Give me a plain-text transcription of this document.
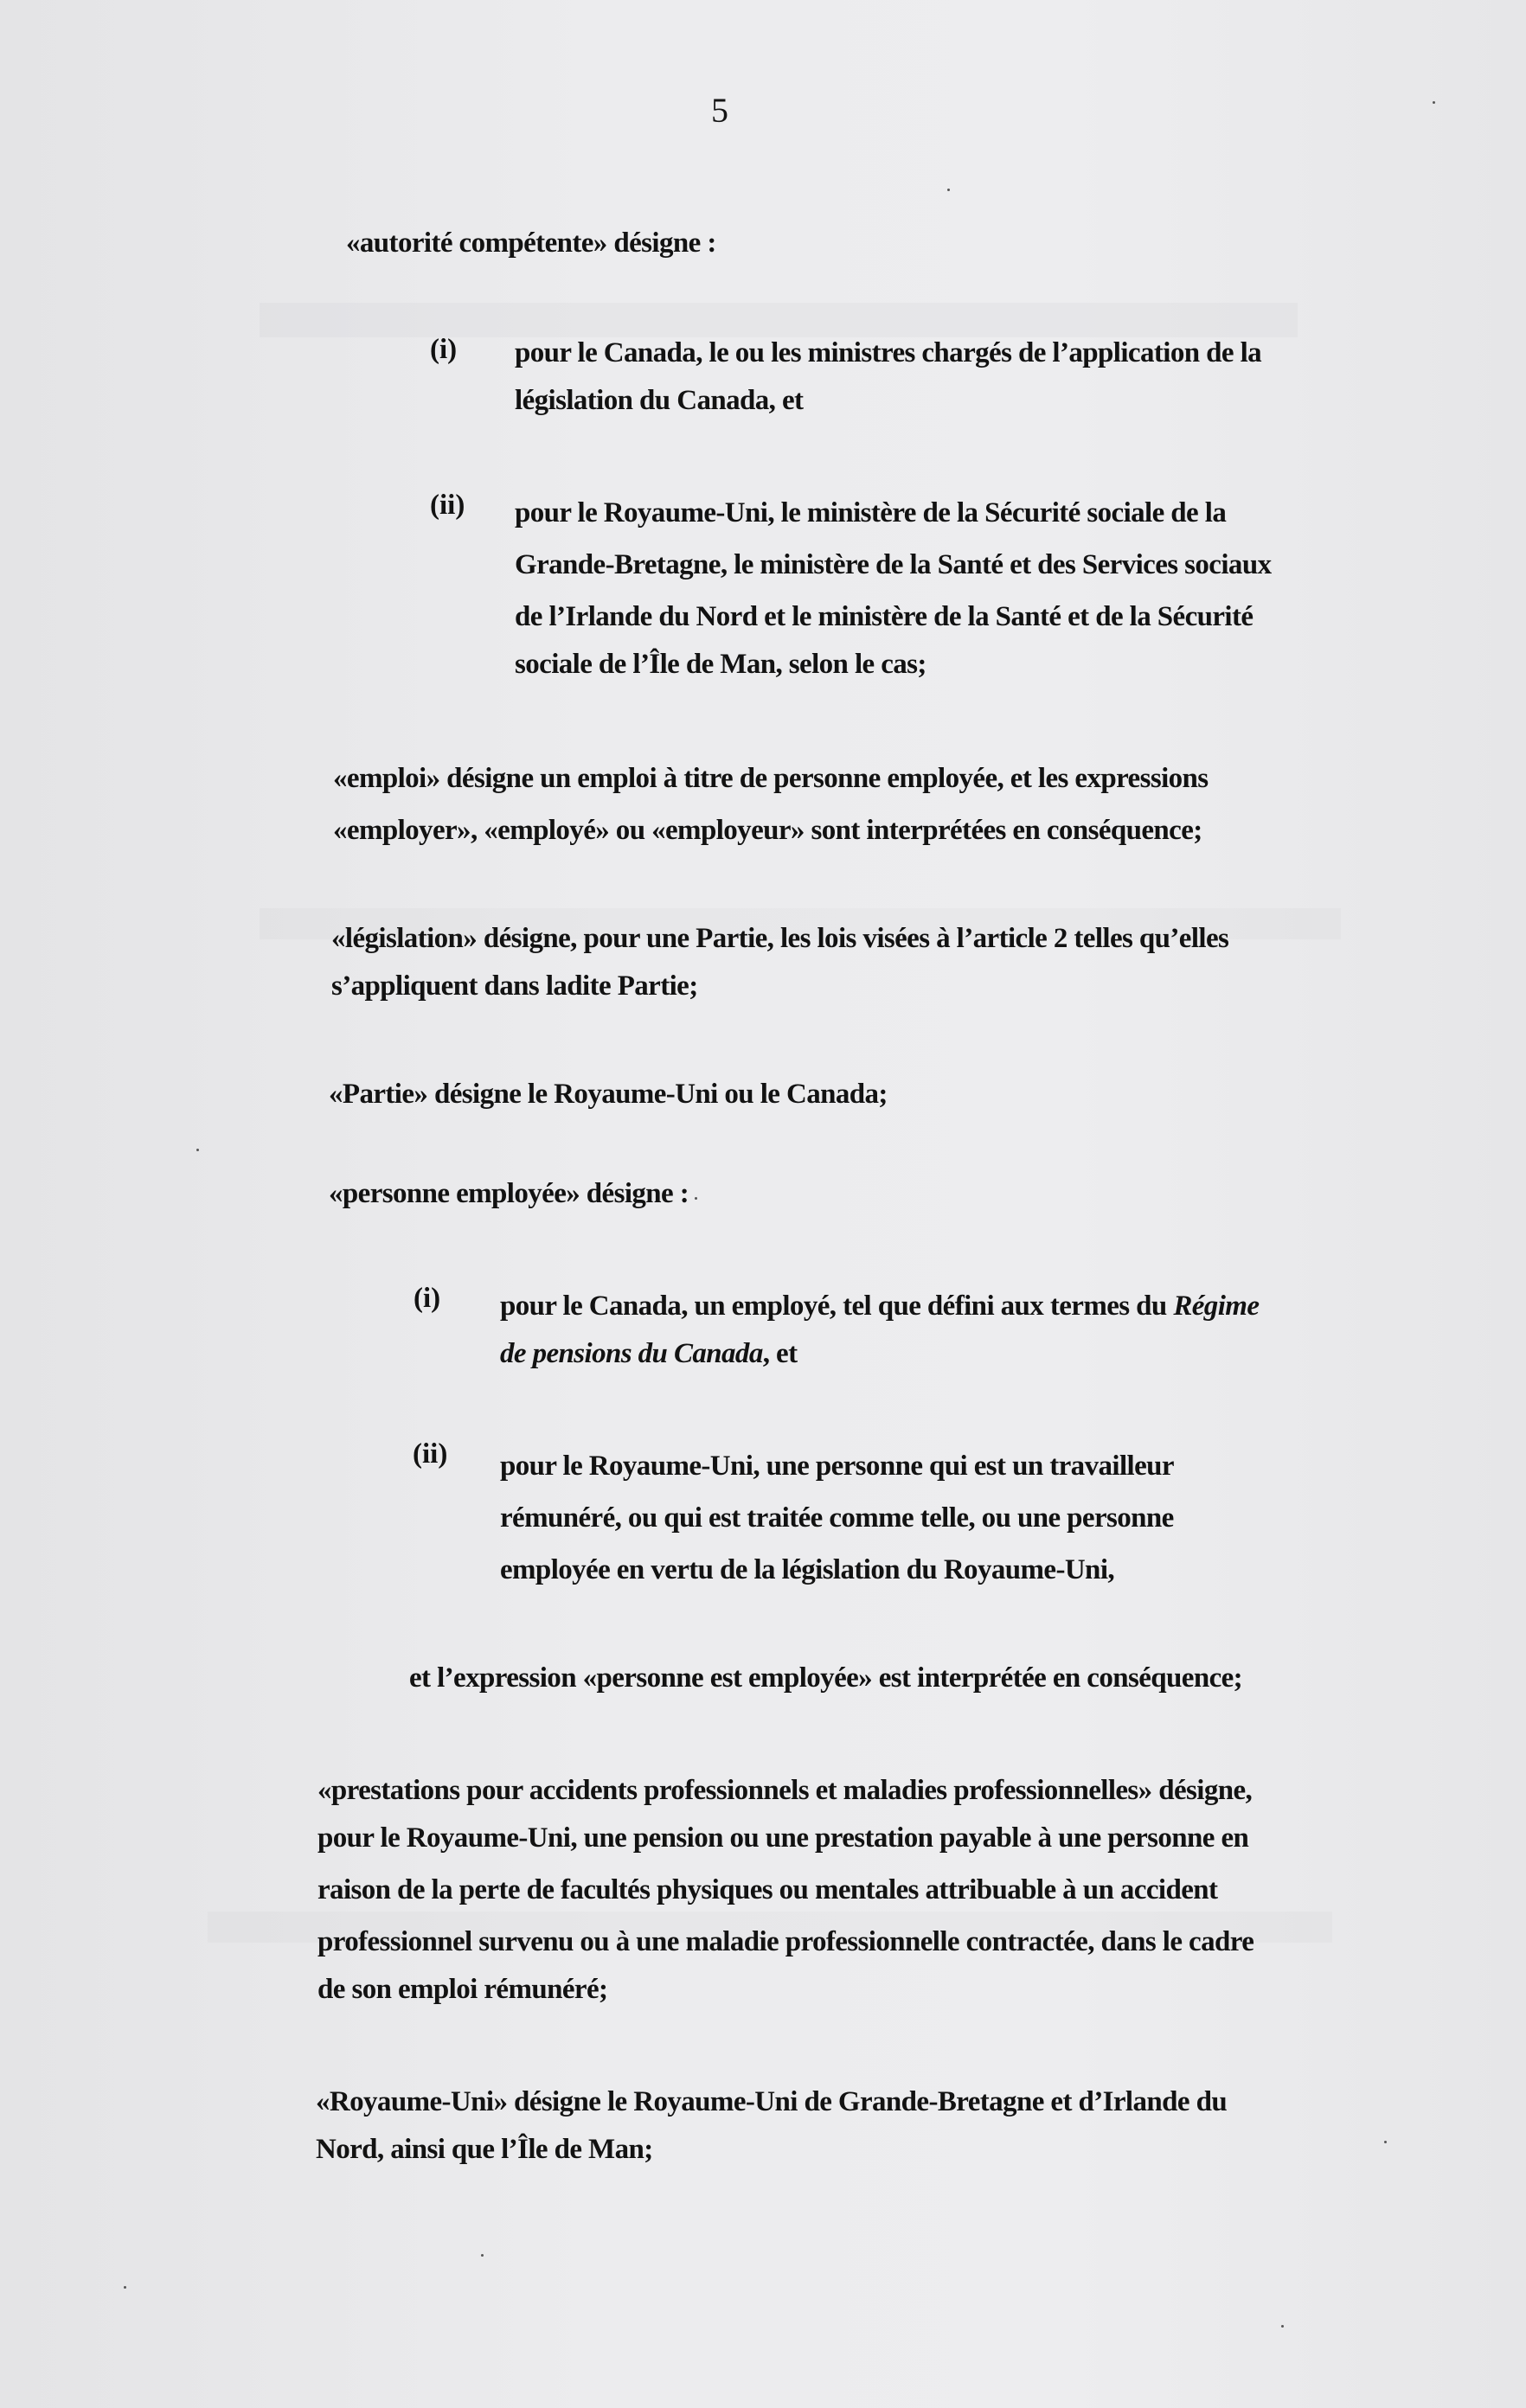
5
«autorité compétente» désigne :
(i) pour le Canada, le ou les ministres chargés de l’application de la
législation du Canada, et
(ii) pour le Royaume-Uni, le ministère de la Sécurité sociale de la
Grande-Bretagne, le ministère de la Santé et des Services sociaux
de l’Irlande du Nord et le ministère de la Santé et de la Sécurité
sociale de l’Île de Man, selon le cas;
«emploi» désigne un emploi à titre de personne employée, et les expressions
«employer», «employé» ou «employeur» sont interprétées en conséquence;
«législation» désigne, pour une Partie, les lois visées à l’article 2 telles qu’elles
s’appliquent dans ladite Partie;
«Partie» désigne le Royaume-Uni ou le Canada;
«personne employée» désigne :
(i) pour le Canada, un employé, tel que défini aux termes du Régime
de pensions du Canada, et
(ii) pour le Royaume-Uni, une personne qui est un travailleur
rémunéré, ou qui est traitée comme telle, ou une personne
employée en vertu de la législation du Royaume-Uni,
et l’expression «personne est employée» est interprétée en conséquence;
«prestations pour accidents professionnels et maladies professionnelles» désigne,
pour le Royaume-Uni, une pension ou une prestation payable à une personne en
raison de la perte de facultés physiques ou mentales attribuable à un accident
professionnel survenu ou à une maladie professionnelle contractée, dans le cadre
de son emploi rémunéré;
«Royaume-Uni» désigne le Royaume-Uni de Grande-Bretagne et d’Irlande du
Nord, ainsi que l’Île de Man;
